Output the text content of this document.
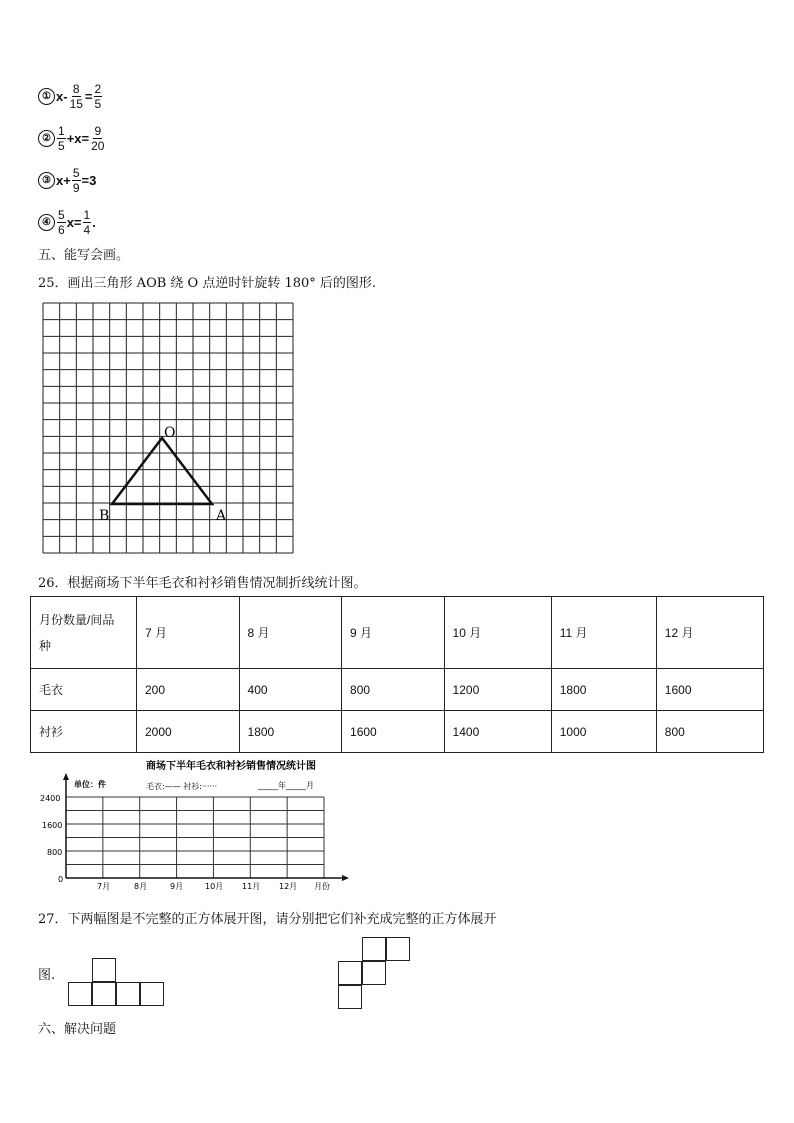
① $x- \frac{8}{15} = \frac{2}{5}$
② $\frac{1}{5} +x= \frac{9}{20}$
③ $x+ \frac{5}{9} =3$
④ $\frac{5}{6} x= \frac{1}{4}$ .
五、能写会画。
25．画出三角形 AOB 绕 O 点逆时针旋转 180° 后的图形.
O
B	A
26．根据商场下半年毛衣和衬衫销售情况制折线统计图。
月份数量/间品
种	7 月	8 月	9 月	10 月	11 月	12 月
毛衣	200	400	800	1200	1800	1600
衬衫	2000	1800	1600	1400	1000	800
商场下半年毛衣和衬衫销售情况统计图
单位：件	毛衣:—— 衬衫:······	_____年_____月
2400
1600
800
0
7月	8月	9月	10月 11月 12月 月份
27．下两幅图是不完整的正方体展开图，请分别把它们补充成完整的正方体展开
图.
六、解决问题
